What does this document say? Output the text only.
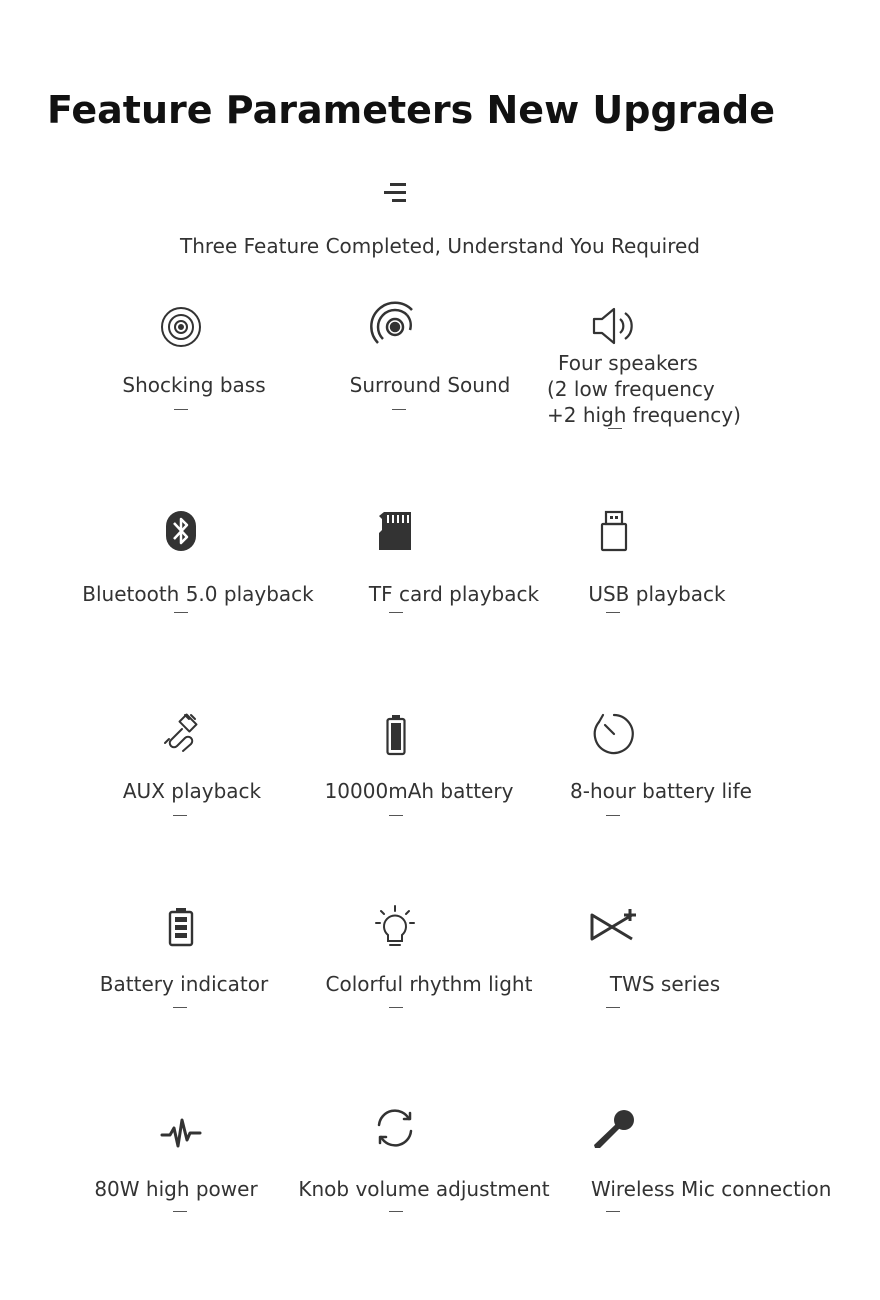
Feature Parameters New Upgrade
Three Feature Completed, Understand You Required
Shocking bass	Surround Sound
Four speakers
(2 low frequency
+2 high frequency)
Bluetooth 5.0 playback	TF card playback USB playback
AUX playback	10000mAh battery	8-hour battery life
Battery indicator	Colorful rhythm light	TWS series
80W high power Knob volume adjustment Wireless Mic connection
